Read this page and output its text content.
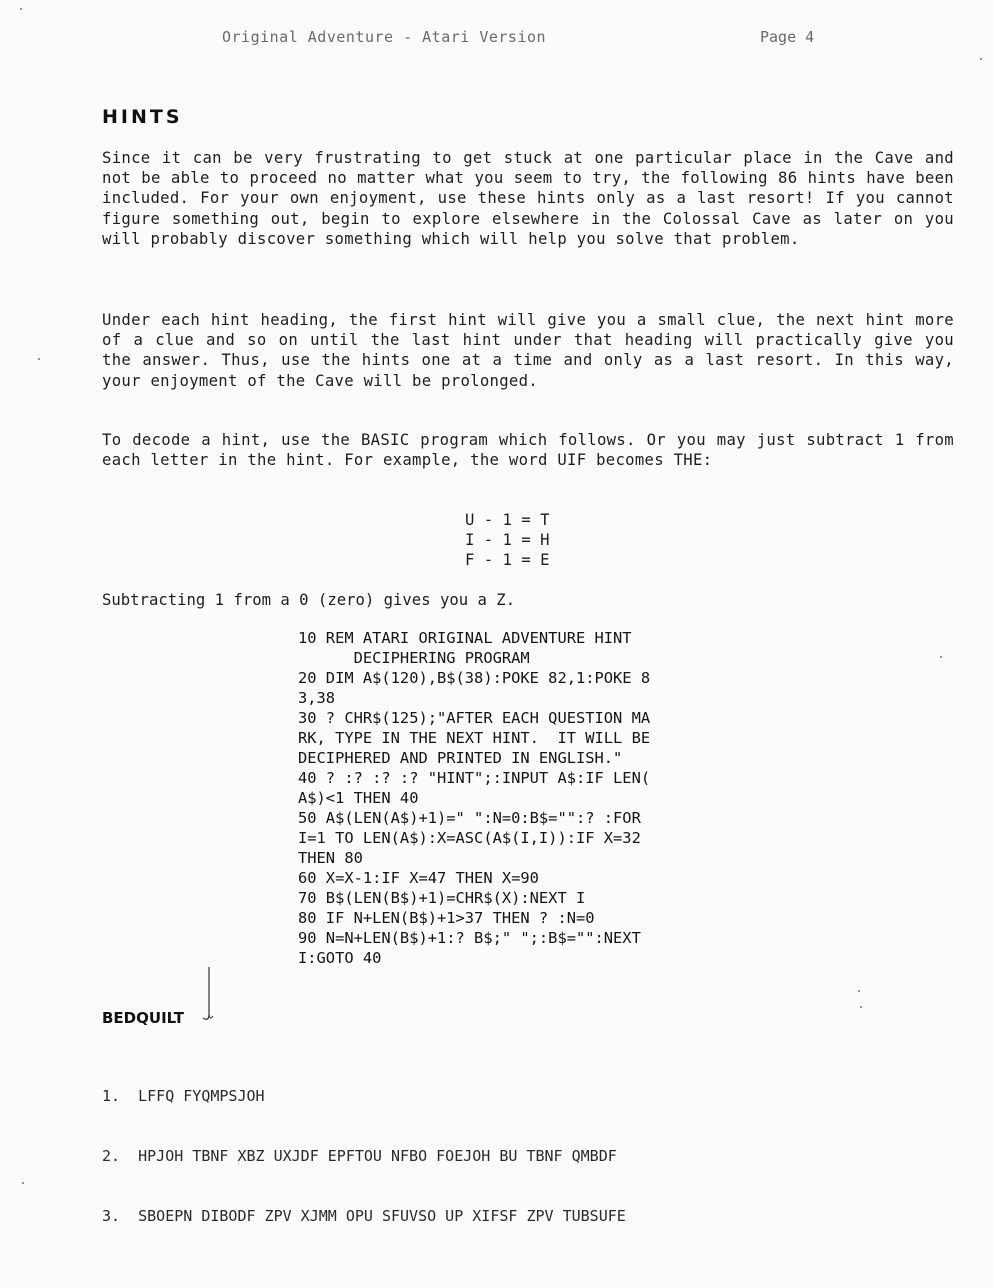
Original Adventure - Atari Version	Page 4
HINTS
Since it can be very frustrating to get stuck at one particular place in the Cave and not be able to proceed no matter what you seem to try, the following 86 hints have been included. For your own enjoyment, use these hints only as a last resort! If you cannot figure something out, begin to explore elsewhere in the Colossal Cave as later on you will probably discover something which will help you solve that problem.
Under each hint heading, the first hint will give you a small clue, the next hint more of a clue and so on until the last hint under that heading will practically give you the answer. Thus, use the hints one at a time and only as a last resort. In this way, your enjoyment of the Cave will be prolonged.
To decode a hint, use the BASIC program which follows. Or you may just subtract 1 from each letter in the hint. For example, the word UIF becomes THE:
U - 1 = T
I - 1 = H
F - 1 = E
Subtracting 1 from a 0 (zero) gives you a Z.
10 REM ATARI ORIGINAL ADVENTURE HINT
DECIPHERING PROGRAM
20 DIM A$(120),B$(38):POKE 82,1:POKE 8
3,38
30 ? CHR$(125);"AFTER EACH QUESTION MA
RK, TYPE IN THE NEXT HINT.  IT WILL BE
DECIPHERED AND PRINTED IN ENGLISH."
40 ? :? :? :? "HINT";:INPUT A$:IF LEN(
A$)<1 THEN 40
50 A$(LEN(A$)+1)=" ":N=0:B$="":? :FOR
I=1 TO LEN(A$):X=ASC(A$(I,I)):IF X=32
THEN 80
60 X=X-1:IF X=47 THEN X=90
70 B$(LEN(B$)+1)=CHR$(X):NEXT I
80 IF N+LEN(B$)+1>37 THEN ? :N=0
90 N=N+LEN(B$)+1:? B$;" ";:B$="":NEXT
I:GOTO 40
BEDQUILT

1. LFFQ FYQMPSJOH

2. HPJOH TBNF XBZ UXJDF EPFTOU NFBO FOEJOH BU TBNF QMBDF

3. SBOEPN DIBODF ZPV XJMM OPU SFUVSO UP XIFSF ZPV TUBSUFE
